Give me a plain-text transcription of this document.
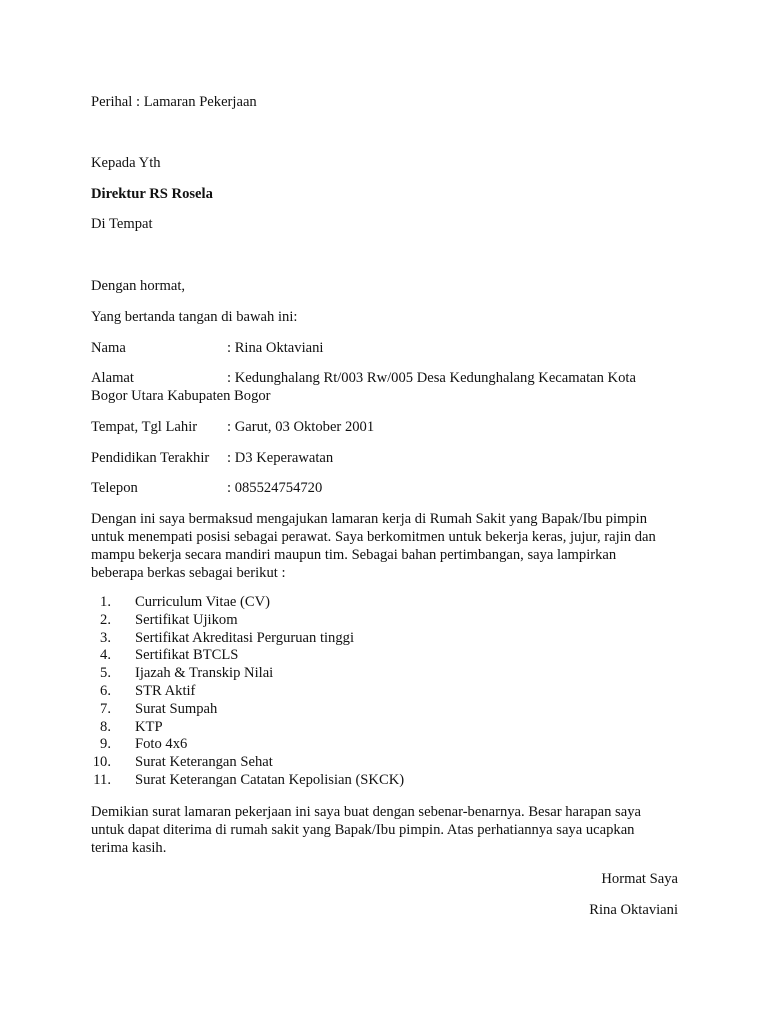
Perihal : Lamaran Pekerjaan
Kepada Yth
Direktur RS Rosela
Di Tempat
Dengan hormat,
Yang bertanda tangan di bawah ini:
Nama	: Rina Oktaviani
Alamat	: Kedunghalang Rt/003 Rw/005 Desa Kedunghalang Kecamatan Kota
Bogor Utara Kabupaten Bogor
Tempat, Tgl Lahir : Garut, 03 Oktober 2001
Pendidikan Terakhir : D3 Keperawatan
Telepon	: 085524754720
Dengan ini saya bermaksud mengajukan lamaran kerja di Rumah Sakit yang Bapak/Ibu pimpin
untuk menempati posisi sebagai perawat. Saya berkomitmen untuk bekerja keras, jujur, rajin dan
mampu bekerja secara mandiri maupun tim. Sebagai bahan pertimbangan, saya lampirkan
beberapa berkas sebagai berikut :
1. Curriculum Vitae (CV)
2. Sertifikat Ujikom
3. Sertifikat Akreditasi Perguruan tinggi
4. Sertifikat BTCLS
5. Ijazah & Transkip Nilai
6. STR Aktif
7. Surat Sumpah
8. KTP
9. Foto 4x6
10. Surat Keterangan Sehat
11. Surat Keterangan Catatan Kepolisian (SKCK)
Demikian surat lamaran pekerjaan ini saya buat dengan sebenar-benarnya. Besar harapan saya
untuk dapat diterima di rumah sakit yang Bapak/Ibu pimpin. Atas perhatiannya saya ucapkan
terima kasih.
Hormat Saya
Rina Oktaviani
